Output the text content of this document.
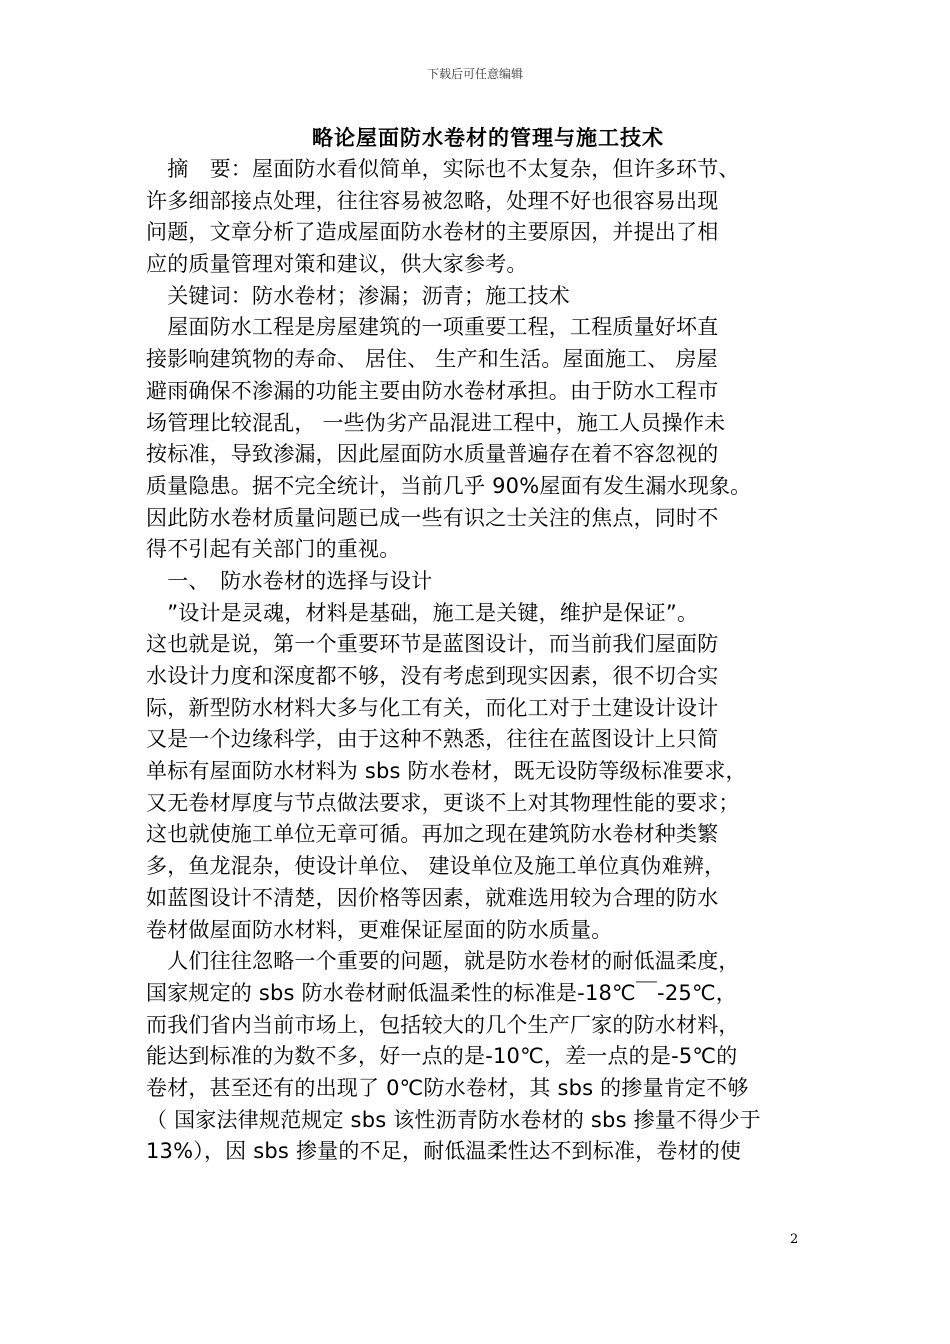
下载后可任意编辑
略论屋面防水卷材的管理与施工技术
　摘　要：屋面防水看似简单，实际也不太复杂，但许多环节、
许多细部接点处理，往往容易被忽略，处理不好也很容易出现
问题，文章分析了造成屋面防水卷材的主要原因，并提出了相
应的质量管理对策和建议，供大家参考。
　关键词：防水卷材；渗漏；沥青；施工技术
　屋面防水工程是房屋建筑的一项重要工程，工程质量好坏直
接影响建筑物的寿命、 居住、 生产和生活。屋面施工、 房屋
避雨确保不渗漏的功能主要由防水卷材承担。由于防水工程市
场管理比较混乱， 一些伪劣产品混进工程中，施工人员操作未
按标准，导致渗漏，因此屋面防水质量普遍存在着不容忽视的
质量隐患。据不完全统计，当前几乎 90%屋面有发生漏水现象。
因此防水卷材质量问题已成一些有识之士关注的焦点，同时不
得不引起有关部门的重视。
　一、　防水卷材的选择与设计
　”设计是灵魂，材料是基础，施工是关键，维护是保证”。
这也就是说，第一个重要环节是蓝图设计，而当前我们屋面防
水设计力度和深度都不够，没有考虑到现实因素，很不切合实
际，新型防水材料大多与化工有关，而化工对于土建设计设计
又是一个边缘科学，由于这种不熟悉，往往在蓝图设计上只简
单标有屋面防水材料为 sbs 防水卷材，既无设防等级标准要求，
又无卷材厚度与节点做法要求，更谈不上对其物理性能的要求；
这也就使施工单位无章可循。再加之现在建筑防水卷材种类繁
多，鱼龙混杂，使设计单位、 建设单位及施工单位真伪难辨，
如蓝图设计不清楚，因价格等因素，就难选用较为合理的防水
卷材做屋面防水材料，更难保证屋面的防水质量。
　人们往往忽略一个重要的问题，就是防水卷材的耐低温柔度，
国家规定的 sbs 防水卷材耐低温柔性的标准是-18℃￣-25℃，
而我们省内当前市场上，包括较大的几个生产厂家的防水材料，
能达到标准的为数不多，好一点的是-10℃，差一点的是-5℃的
卷材，甚至还有的出现了 0℃防水卷材，其 sbs 的掺量肯定不够
（ 国家法律规范规定 sbs 该性沥青防水卷材的 sbs 掺量不得少于
13%），因 sbs 掺量的不足，耐低温柔性达不到标准，卷材的使
2
